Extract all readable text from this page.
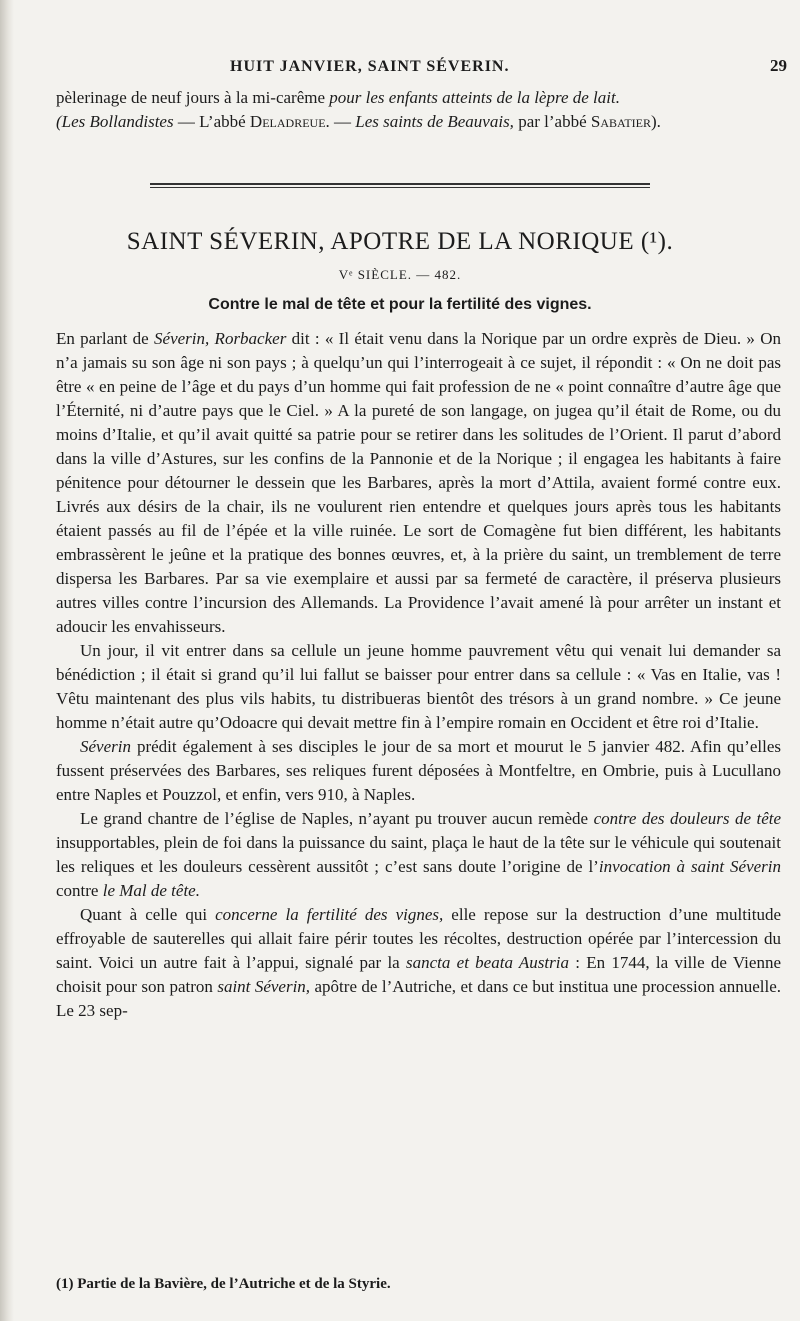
HUIT JANVIER, SAINT SÉVERIN.	29

pèlerinage de neuf jours à la mi-carême pour les enfants atteints de la lèpre de lait.
(Les Bollandistes — L’abbé Deladreue. — Les saints de Beauvais, par l’abbé Sabatier).

SAINT SÉVERIN, APOTRE DE LA NORIQUE (¹).
Vᵉ SIÈCLE. — 482.
Contre le mal de tête et pour la fertilité des vignes.

En parlant de Séverin, Rorbacker dit : « Il était venu dans la Norique par un ordre exprès de Dieu. » On n’a jamais su son âge ni son pays ; à quelqu’un qui l’interrogeait à ce sujet, il répondit : « On ne doit pas être « en peine de l’âge et du pays d’un homme qui fait profession de ne « point connaître d’autre âge que l’Éternité, ni d’autre pays que le Ciel. » A la pureté de son langage, on jugea qu’il était de Rome, ou du moins d’Italie, et qu’il avait quitté sa patrie pour se retirer dans les solitudes de l’Orient. Il parut d’abord dans la ville d’Astures, sur les confins de la Pannonie et de la Norique ; il engagea les habitants à faire pénitence pour détourner le dessein que les Barbares, après la mort d’Attila, avaient formé contre eux. Livrés aux désirs de la chair, ils ne voulurent rien entendre et quelques jours après tous les habitants étaient passés au fil de l’épée et la ville ruinée. Le sort de Comagène fut bien différent, les habitants embrassèrent le jeûne et la pratique des bonnes œuvres, et, à la prière du saint, un tremblement de terre dispersa les Barbares. Par sa vie exemplaire et aussi par sa fermeté de caractère, il préserva plusieurs autres villes contre l’incursion des Allemands. La Providence l’avait amené là pour arrêter un instant et adoucir les envahisseurs.

Un jour, il vit entrer dans sa cellule un jeune homme pauvrement vêtu qui venait lui demander sa bénédiction ; il était si grand qu’il lui fallut se baisser pour entrer dans sa cellule : « Vas en Italie, vas ! Vêtu maintenant des plus vils habits, tu distribueras bientôt des trésors à un grand nombre. » Ce jeune homme n’était autre qu’Odoacre qui devait mettre fin à l’empire romain en Occident et être roi d’Italie.

Séverin prédit également à ses disciples le jour de sa mort et mourut le 5 janvier 482. Afin qu’elles fussent préservées des Barbares, ses reliques furent déposées à Montfeltre, en Ombrie, puis à Lucullano entre Naples et Pouzzol, et enfin, vers 910, à Naples.

Le grand chantre de l’église de Naples, n’ayant pu trouver aucun remède contre des douleurs de tête insupportables, plein de foi dans la puissance du saint, plaça le haut de la tête sur le véhicule qui soutenait les reliques et les douleurs cessèrent aussitôt ; c’est sans doute l’origine de l’invocation à saint Séverin contre le Mal de tête.

Quant à celle qui concerne la fertilité des vignes, elle repose sur la destruction d’une multitude effroyable de sauterelles qui allait faire périr toutes les récoltes, destruction opérée par l’intercession du saint. Voici un autre fait à l’appui, signalé par la sancta et beata Austria : En 1744, la ville de Vienne choisit pour son patron saint Séverin, apôtre de l’Autriche, et dans ce but institua une procession annuelle. Le 23 sep-

(1) Partie de la Bavière, de l’Autriche et de la Styrie.
